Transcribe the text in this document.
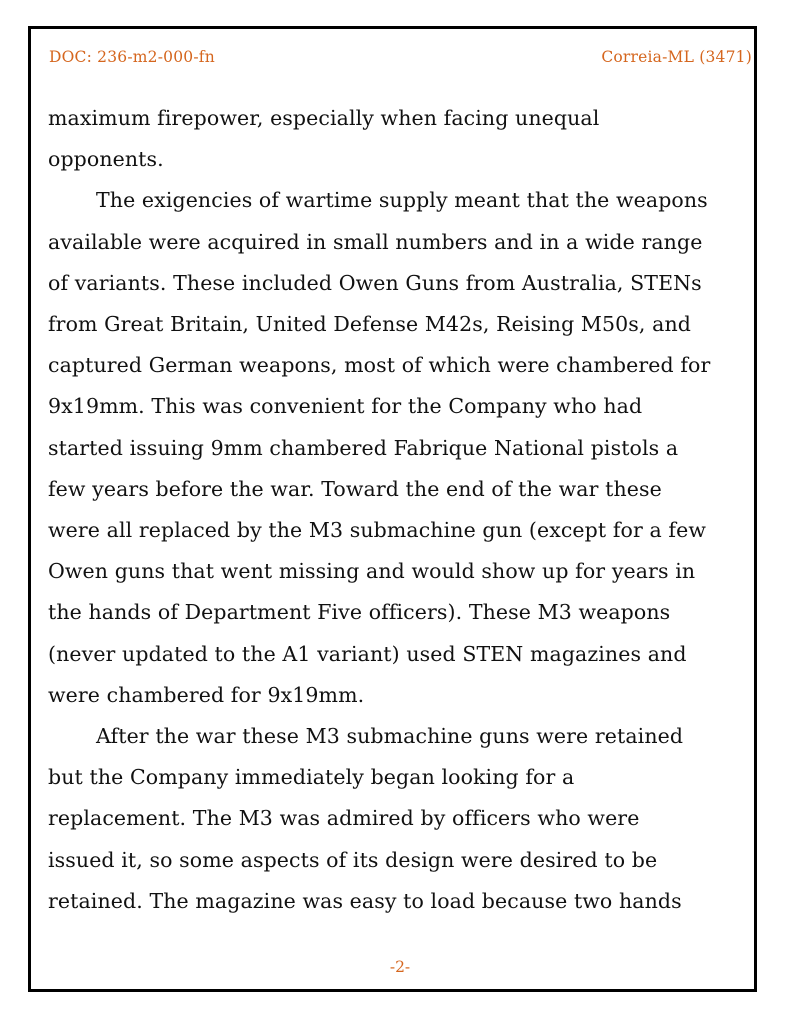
DOC: 236-m2-000-fn	Correia-ML (3471)
maximum firepower, especially when facing unequal
opponents.
The exigencies of wartime supply meant that the weapons
available were acquired in small numbers and in a wide range
of variants. These included Owen Guns from Australia, STENs
from Great Britain, United Defense M42s, Reising M50s, and
captured German weapons, most of which were chambered for
9x19mm. This was convenient for the Company who had
started issuing 9mm chambered Fabrique National pistols a
few years before the war. Toward the end of the war these
were all replaced by the M3 submachine gun (except for a few
Owen guns that went missing and would show up for years in
the hands of Department Five officers). These M3 weapons
(never updated to the A1 variant) used STEN magazines and
were chambered for 9x19mm.
After the war these M3 submachine guns were retained
but the Company immediately began looking for a
replacement. The M3 was admired by officers who were
issued it, so some aspects of its design were desired to be
retained. The magazine was easy to load because two hands
-2-
